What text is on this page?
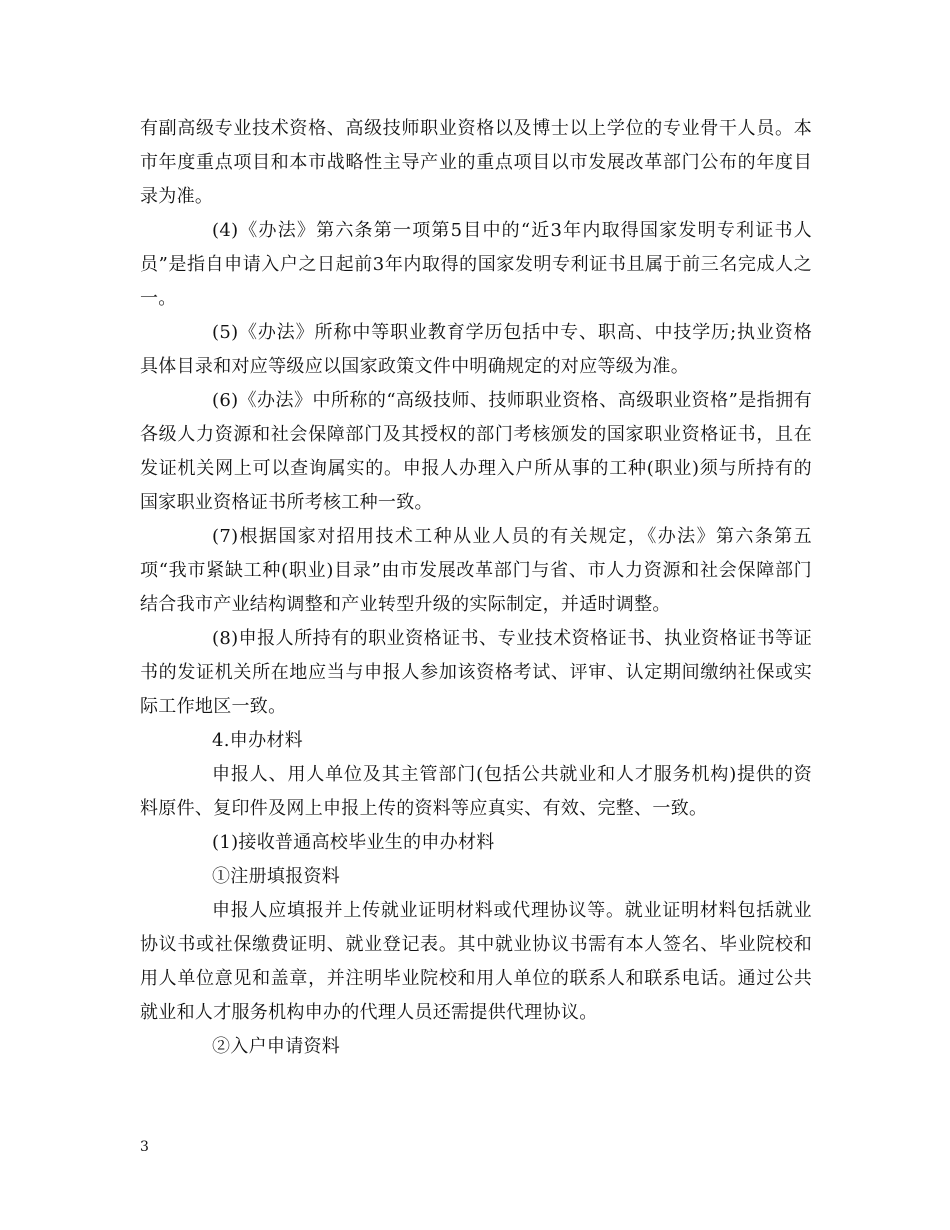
有副高级专业技术资格、高级技师职业资格以及博士以上学位的专业骨干人员。本市年度重点项目和本市战略性主导产业的重点项目以市发展改革部门公布的年度目录为准。

(4)《办法》第六条第一项第5目中的“近3年内取得国家发明专利证书人员”是指自申请入户之日起前3年内取得的国家发明专利证书且属于前三名完成人之一。

(5)《办法》所称中等职业教育学历包括中专、职高、中技学历;执业资格具体目录和对应等级应以国家政策文件中明确规定的对应等级为准。

(6)《办法》中所称的“高级技师、技师职业资格、高级职业资格”是指拥有各级人力资源和社会保障部门及其授权的部门考核颁发的国家职业资格证书，且在发证机关网上可以查询属实的。申报人办理入户所从事的工种(职业)须与所持有的国家职业资格证书所考核工种一致。

(7)根据国家对招用技术工种从业人员的有关规定，《办法》第六条第五项“我市紧缺工种(职业)目录”由市发展改革部门与省、市人力资源和社会保障部门结合我市产业结构调整和产业转型升级的实际制定，并适时调整。

(8)申报人所持有的职业资格证书、专业技术资格证书、执业资格证书等证书的发证机关所在地应当与申报人参加该资格考试、评审、认定期间缴纳社保或实际工作地区一致。

4.申办材料

申报人、用人单位及其主管部门(包括公共就业和人才服务机构)提供的资料原件、复印件及网上申报上传的资料等应真实、有效、完整、一致。

(1)接收普通高校毕业生的申办材料

①注册填报资料

申报人应填报并上传就业证明材料或代理协议等。就业证明材料包括就业协议书或社保缴费证明、就业登记表。其中就业协议书需有本人签名、毕业院校和用人单位意见和盖章，并注明毕业院校和用人单位的联系人和联系电话。通过公共就业和人才服务机构申办的代理人员还需提供代理协议。

②入户申请资料

3
